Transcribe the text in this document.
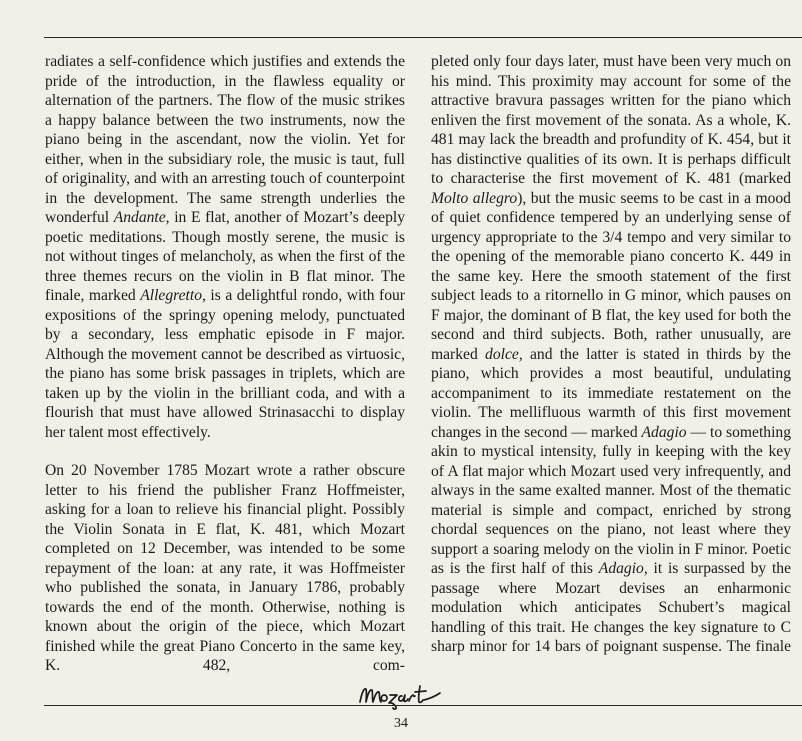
radiates a self-confidence which justifies and extends the pride of the introduction, in the flawless equality or alternation of the partners. The flow of the music strikes a happy balance between the two instruments, now the piano being in the ascendant, now the violin. Yet for either, when in the subsidiary role, the music is taut, full of originality, and with an arresting touch of counterpoint in the development. The same strength underlies the wonderful Andante, in E flat, another of Mozart’s deeply poetic meditations. Though mostly serene, the music is not without tinges of melancholy, as when the first of the three themes recurs on the violin in B flat minor. The finale, marked Allegretto, is a delightful rondo, with four expositions of the springy opening melody, punctuated by a secondary, less emphatic episode in F major. Although the movement cannot be described as virtuosic, the piano has some brisk passages in triplets, which are taken up by the violin in the brilliant coda, and with a flourish that must have allowed Strinasacchi to display her talent most effectively.

On 20 November 1785 Mozart wrote a rather obscure letter to his friend the publisher Franz Hoffmeister, asking for a loan to relieve his financial plight. Possibly the Violin Sonata in E flat, K. 481, which Mozart completed on 12 December, was intended to be some repayment of the loan: at any rate, it was Hoffmeister who published the sonata, in January 1786, probably towards the end of the month. Otherwise, nothing is known about the origin of the piece, which Mozart finished while the great Piano Concerto in the same key, K. 482, com-

pleted only four days later, must have been very much on his mind. This proximity may account for some of the attractive bravura passages written for the piano which enliven the first movement of the sonata. As a whole, K. 481 may lack the breadth and profundity of K. 454, but it has distinctive qualities of its own. It is perhaps difficult to characterise the first movement of K. 481 (marked Molto allegro), but the music seems to be cast in a mood of quiet confidence tempered by an underlying sense of urgency appropriate to the 3/4 tempo and very similar to the opening of the memorable piano concerto K. 449 in the same key. Here the smooth statement of the first subject leads to a ritornello in G minor, which pauses on F major, the dominant of B flat, the key used for both the second and third subjects. Both, rather unusually, are marked dolce, and the latter is stated in thirds by the piano, which provides a most beautiful, undulating accompaniment to its immediate restatement on the violin. The mellifluous warmth of this first movement changes in the second — marked Adagio — to something akin to mystical intensity, fully in keeping with the key of A flat major which Mozart used very infrequently, and always in the same exalted manner. Most of the thematic material is simple and compact, enriched by strong chordal sequences on the piano, not least where they support a soaring melody on the violin in F minor. Poetic as is the first half of this Adagio, it is surpassed by the passage where Mozart devises an enharmonic modulation which anticipates Schubert’s magical handling of this trait. He changes the key signature to C sharp minor for 14 bars of poignant suspense. The finale

34
